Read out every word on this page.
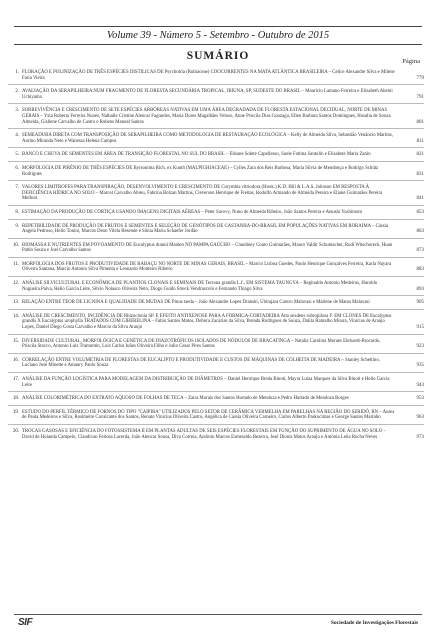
Volume 39 - Número 5 - Setembro - Outubro de 2015
SUMÁRIO	Página
1. FLORAÇÃO E POLINIZAÇÃO DE TRÊS ESPÉCIES DISTILICAS DE Psychotria (Rubiaceae) COOCORRENTES NA MATA ATLÂNTICA BRASILEIRA – Celice Alexandre Silva e Milene Faria Vieira	779
2. AVALIAÇÃO DA SERAPILHEIRA NUM FRAGMENTO DE FLORESTA SECUNDÁRIA TROPICAL, IBIUNA, SP, SUDESTE DO BRASIL – Maurício Lamano Ferreira e Elizabeth Akemi Uchiyama	791
3. SOBREVIVÊNCIA E CRESCIMENTO DE SETE ESPÉCIES ARBÓREAS NATIVAS EM UMA ÁREA DEGRADADA DE FLORESTA ESTACIONAL DECIDUAL, NORTE DE MINAS GERAIS – Ysla Roberta Ferreira Nunes, Nathalle Cristine Alencar Fagundes, Maria Dores Magalhães Veloso, Anne Priscila Dias Gonzaga, Ellen Barbara Santos Domingues, Hosalia de Souza Almeida, Gisllene Carvalho de Castro e Rubens Manoel Santos	801
4. SEMEADURA DIRETA COM TRANSPOSIÇÃO DE SERAPILHEIRA COMO METODOLOGIA DE RESTAURAÇÃO ECOLÓGICA – Kelly de Almeida Silva, Sebastião Venâncio Martins, Aurino Miranda Neto e Wanessa Helena Campos	811
5. BANCO E CHUVA DE SEMENTES EM ÁREA DE TRANSIÇÃO FLORESTAL NO SUL DO BRASIL – Elisane Solete Capellesso, Suele Fatima Santolin e Elisabete Maria Zanin	821
6. MORFOLOGIA DE PIRÊNIO DE TRÊS ESPÉCIES DE Byrsonima Rich. ex Kunth (MALPIGHIACEAE) – Cylles Zara dos Reis Barbosa, Maria Silvia de Mendonça e Rodrigo Schütz Rodrigues	831
7. VALORES LIMITROFES PARA TRANSPIRAÇÃO, DESENVOLVIMENTO E CRESCIMENTO DE Corymbia citriodora (Hook.) K.D. Hill & L.A.S. Johnson EM RESPOSTA À DEFICIÊNCIA HÍDRICA NO SOLO – Marcel Carvalho Abreu, Fabrina Bolzan Martins, Cleverson Henrique de Freitas, Rodolfo Armando de Almeida Pereira e Eliane Guimarães Pereira Melloni	841
8. ESTIMAÇÃO DA PRODUÇÃO DE CORTIÇA USANDO IMAGENS DIGITAIS AÉREAS – Peter Surovy, Nuno de Almeida Ribeiro, João Santos Pereira e Atsushi Yoshimoto	853
9. REPETIBILIDADE DE PRODUÇÃO DE FRUTOS E SEMENTES E SELEÇÃO DE GENÓTIPOS DE CASTANHA-DO-BRASIL EM POPULAÇÕES NATIVAS EM RORAIMA – Cássia Angela Pedroso, Helio Tonini, Marcos Deon Vilela Resende e Sônia Maria Schaefer Jordão	863
10. BIOMASSA E NUTRIENTES EM POVOAMENTO DE Eucalyptus dunnii Maiden NO PAMPA GAÚCHO – Claudiney Couto Guimarães, Mauro Valdir Schumacher, Rudi Witschoreck, Huan Pablo Souza e Joel Carvalho Santos	873
11. MORFOLOGIA DOS FRUTOS E PRODUTIVIDADE DE BABAÇU NO NORTE DE MINAS GERAIS, BRASIL – Marcio Lisboa Guedes, Paulo Henrique Gonçalves Ferreira, Karla Nayara Oliveira Santana, Marcio Antonio Silva Pimenta e Leonardo Monteiro Ribeiro	883
12. ANÁLISE SILVICULTURAL E ECONÔMICA DE PLANTIOS CLONAIS E SEMINAIS DE Tectona grandis L.f., EM SISTEMA TAUNGYA – Reginaldo Antonio Medeiros, Haroldo Nogueira Paiva, Helio Garcia Leite, Silvio Nolasco Oliveira Neto, Diogo Guido Streck Vendruscolo e Fernando Thiago Silva	893
13. RELAÇÃO ENTRE TEOR DE LIGNINA E QUALIDADE DE MUDAS DE Pinus taeda – João Alexandre Lopes Dranski, Ubirajara Contro Malavasi e Marlene de Matos Malavasi	905
14. ANÁLISE DE CRESCIMENTO, INCIDÊNCIA DE Rhizoctonia SP. E EFEITO ANTIXENOSE PARA A FORMIGA-CORTADEIRA Atta sexdens rubropilosa F. EM CLONES DE Eucalyptus grandis X Eucalyptus urophylla TRATADOS COM GIBERELINA – Fabio Santos Matos, Debora Zacarias da Silva, Brenda Rodrigues de Souza, Dalila Ramalho Moura, Vinícius de Araújo Lopes, Daniel Diego Costa Carvalho e Marcio da Silva Araujo	915
15. DIVERSIDADE CULTURAL, MORFOLÓGICA E GENÉTICA DE DIAZOTRÓFICOS ISOLADOS DE NÓDULOS DE BRACATINGA – Natalia Carolina Moraes Ehrhardt-Brocardo, Priscila Stocco, Antonio Luiz Tramontin, Luis Carlos Iuñes Oliveira Filho e Julio Cesar Pires Santos	923
16. CORRELAÇÃO ENTRE VOLUMETRIA DE FLORESTAS DE EUCALIPTO E PRODUTIVIDADE E CUSTOS DE MÁQUINAS DE COLHEITA DE MADEIRA – Stanley Schettino, Luciano José Minette e Amaury Paulo Souza	935
17. ANÁLISE DA FUNÇÃO LOGÍSTICA PARA MODELAGEM DA DISTRIBUIÇÃO DE DIÂMETROS – Daniel Henrique Breda Binoti, Mayra Luiza Marques da Silva Binoti e Helio Garcia Leite	943
18. ANÁLISE COLORIMÉTRICA DO EXTRATO AQUOSO DE FOLHAS DE TECA – Zaira Morais dos Santos Hurtado de Mendoza e Pedro Hurtado de Mendoza Borges	953
19. ESTUDO DO PERFIL TÉRMICO DE FORNOS DO TIPO "CAIPIRA" UTILIZADOS PELO SETOR DE CERÂMICA VERMELHA EM PARELHAS NA REGIÃO DO SERIDÓ, RN – Aurea de Paula Medeiros e Silva, Rosimeire Cavalcante dos Santos, Renato Vinicius Oliveira Castro, Angélica de Cássia Oliveira Carneiro, Carlos Alberto Paskocimas e George Santos Marinho	963
20. TROCAS GASOSAS E EFICIÊNCIA DO FOTOSSISTEMA II EM PLANTAS ADULTAS DE SEIS ESPÉCIES FLORESTAIS EM FUNÇÃO DO SUPRIMENTO DE ÁGUA NO SOLO – David de Holanda Campelo, Claudivan Feitosa Lacerda, João Alencar Sousa, Diva Correia, Antônio Marcos Esmeraldo Bezerra, José Dionis Matos Araújo e Antônia Leila Rocha Neves	973
SIF	Sociedade de Investigações Florestais
